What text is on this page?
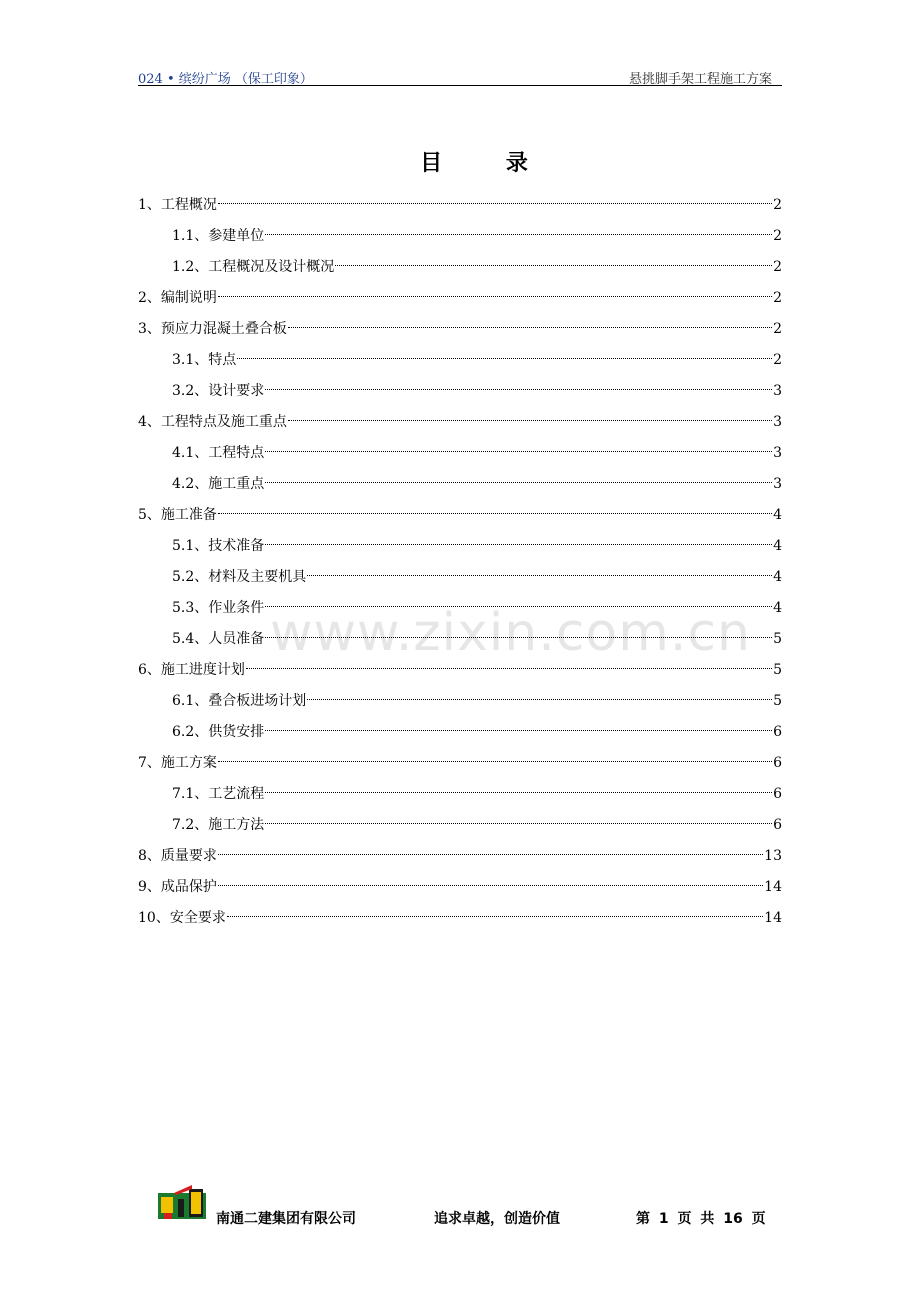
024 • 缤纷广场 （保工印象）	悬挑脚手架工程施工方案
目 录
www.zixin.com.cn
1、工程概况	2
1.1、参建单位	2
1.2、工程概况及设计概况	2
2、编制说明	2
3、预应力混凝土叠合板	2
3.1、特点	2
3.2、设计要求	3
4、工程特点及施工重点	3
4.1、工程特点	3
4.2、施工重点	3
5、施工准备	4
5.1、技术准备	4
5.2、材料及主要机具	4
5.3、作业条件	4
5.4、人员准备	5
6、施工进度计划	5
6.1、叠合板进场计划	5
6.2、供货安排	6
7、施工方案	6
7.1、工艺流程	6
7.2、施工方法	6
8、质量要求	13
9、成品保护	14
10、安全要求	14
南通二建集团有限公司	追求卓越，创造价值	第 1 页 共 16 页
